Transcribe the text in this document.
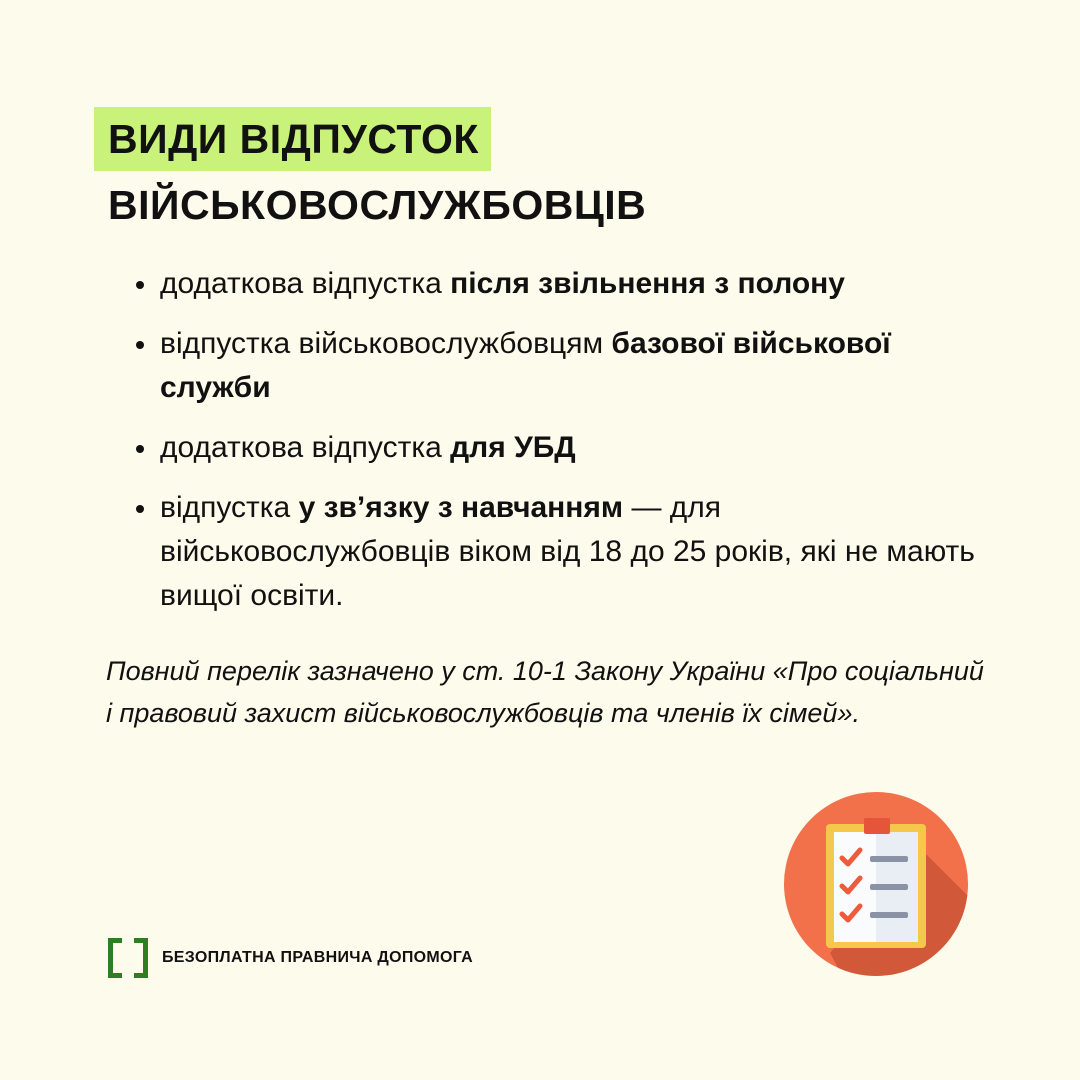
ВИДИ ВІДПУСТОК
ВІЙСЬКОВОСЛУЖБОВЦІВ
додаткова відпустка після звільнення з полону
відпустка військовослужбовцям базової військової служби
додаткова відпустка для УБД
відпустка у зв’язку з навчанням — для військовослужбовців віком від 18 до 25 років, які не мають вищої освіти.

Повний перелік зазначено у ст. 10-1 Закону України «Про соціальний і правовий захист військовослужбовців та членів їх сімей».

БЕЗОПЛАТНА ПРАВНИЧА ДОПОМОГА
